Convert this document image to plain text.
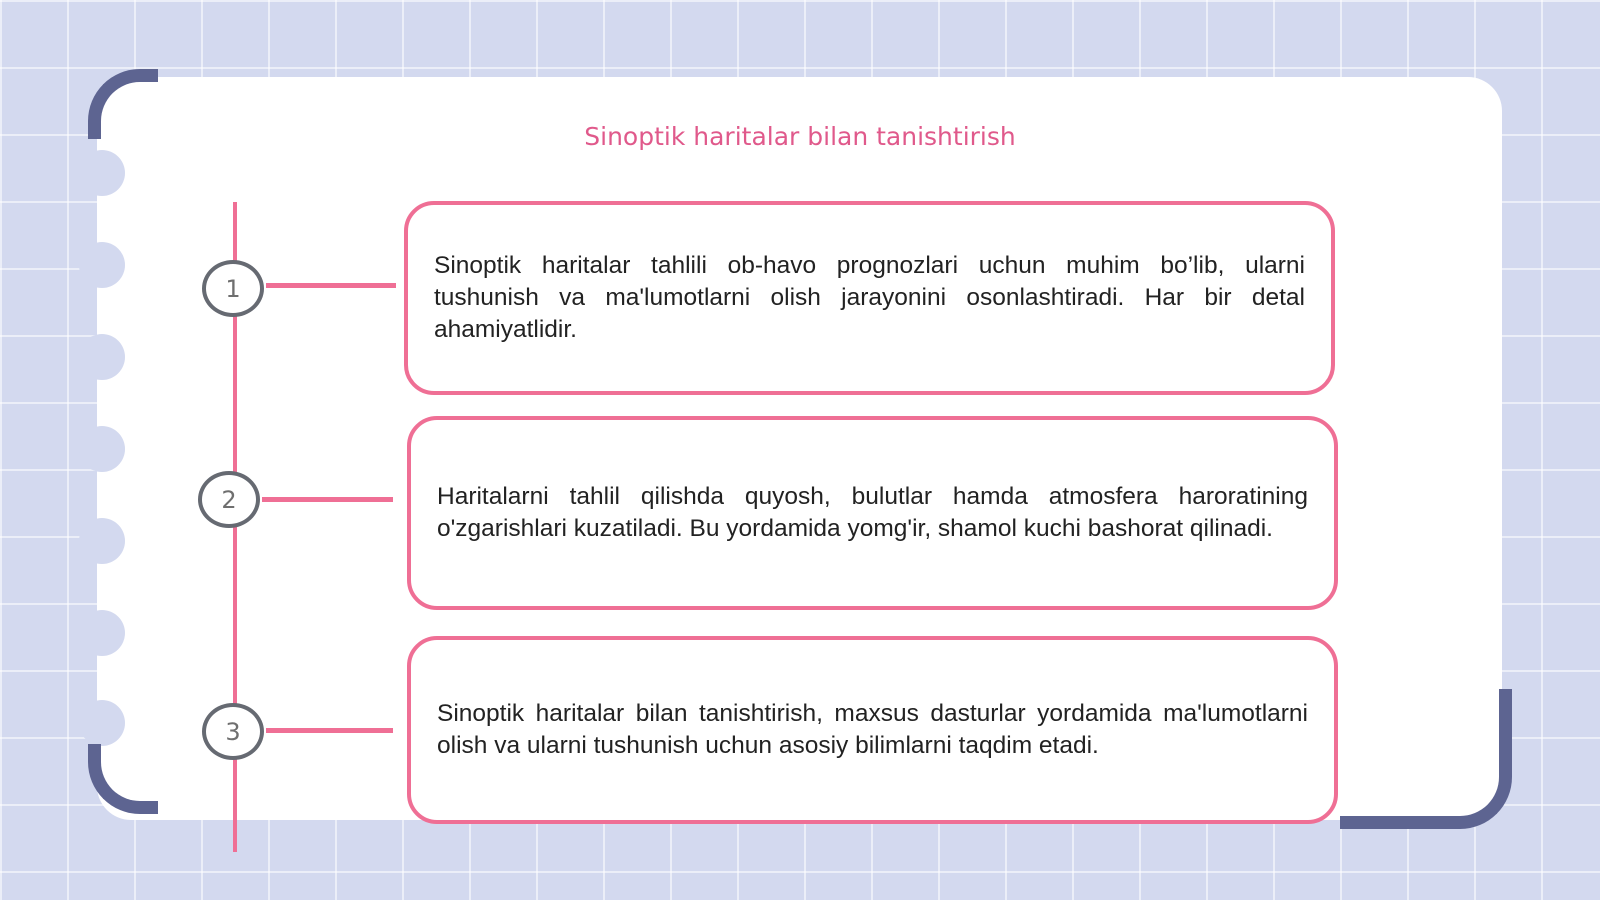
Sinoptik haritalar bilan tanishtirish
1
2
3

Sinoptik haritalar tahlili ob-havo prognozlari uchun muhim bo’lib, ularni tushunish va ma'lumotlarni olish jarayonini osonlashtiradi. Har bir detal ahamiyatlidir.

Haritalarni tahlil qilishda quyosh, bulutlar hamda atmosfera haroratining o'zgarishlari kuzatiladi. Bu yordamida yomg'ir, shamol kuchi bashorat qilinadi.

Sinoptik haritalar bilan tanishtirish, maxsus dasturlar yordamida ma'lumotlarni olish va ularni tushunish uchun asosiy bilimlarni taqdim etadi.
